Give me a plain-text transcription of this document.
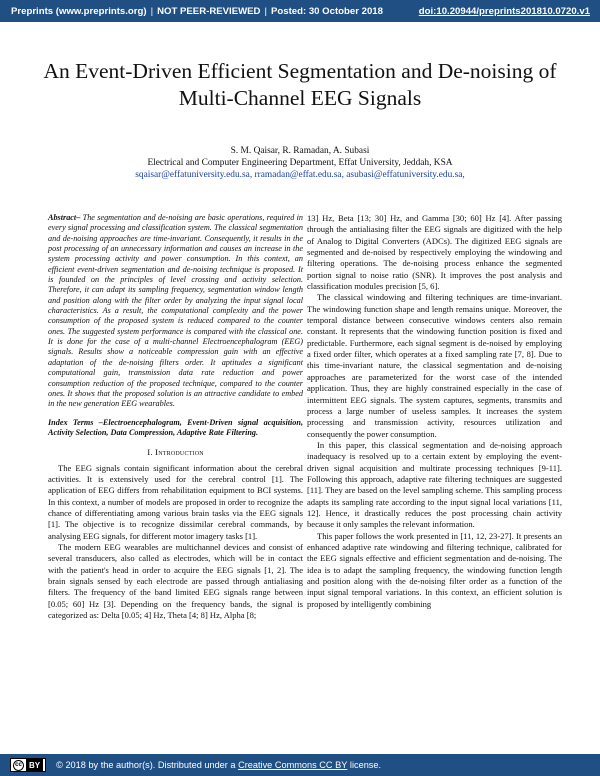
Preprints (www.preprints.org) | NOT PEER-REVIEWED | Posted: 30 October 2018	doi:10.20944/preprints201810.0720.v1
An Event-Driven Efficient Segmentation and De-noising of Multi-Channel EEG Signals
S. M. Qaisar, R. Ramadan, A. Subasi
Electrical and Computer Engineering Department, Effat University, Jeddah, KSA
sqaisar@effatuniversity.edu.sa, rramadan@effat.edu.sa, asubasi@effatuniversity.edu.sa,

Abstract– The segmentation and de-noising are basic operations, required in every signal processing and classification system. The classical segmentation and de-noising approaches are time-invariant. Consequently, it results in the post processing of an unnecessary information and causes an increase in the system processing activity and power consumption. In this context, an efficient event-driven segmentation and de-noising technique is proposed. It is founded on the principles of level crossing and activity selection. Therefore, it can adapt its sampling frequency, segmentation window length and position along with the filter order by analyzing the input signal local characteristics. As a result, the computational complexity and the power consumption of the proposed system is reduced compared to the counter ones. The suggested system performance is compared with the classical one. It is done for the case of a multi-channel Electroencephalogram (EEG) signals. Results show a noticeable compression gain with an effective adaptation of the de-noising filters order. It aptitudes a significant computational gain, transmission data rate reduction and power consumption reduction of the proposed technique, compared to the counter ones. It shows that the proposed solution is an attractive candidate to embed in the new generation EEG wearables.

Index Terms –Electroencephalogram, Event-Driven signal acquisition, Activity Selection, Data Compression, Adaptive Rate Filtering.

I. Introduction

The EEG signals contain significant information about the cerebral activities. It is extensively used for the cerebral control [1]. The application of EEG differs from rehabilitation equipment to BCI systems. In this context, a number of models are proposed in order to recognize the chance of differentiating among various brain tasks via the EEG signals [1]. The objective is to recognize dissimilar cerebral commands, by analysing EEG signals, for different motor imagery tasks [1].

The modern EEG wearables are multichannel devices and consist of several transducers, also called as electrodes, which will be in contact with the patient's head in order to acquire the EEG signals [1, 2]. The brain signals sensed by each electrode are passed through antialiasing filters. The frequency of the band limited EEG signals range between [0.05; 60] Hz [3]. Depending on the frequency bands, the signal is categorized as: Delta [0.05; 4] Hz, Theta [4; 8] Hz, Alpha [8;

13] Hz, Beta [13; 30] Hz, and Gamma [30; 60] Hz [4]. After passing through the antialiasing filter the EEG signals are digitized with the help of Analog to Digital Converters (ADCs). The digitized EEG signals are segmented and de-noised by respectively employing the windowing and filtering operations. The de-noising process enhance the segmented portion signal to noise ratio (SNR). It improves the post analysis and classification modules precision [5, 6].

The classical windowing and filtering techniques are time-invariant. The windowing function shape and length remains unique. Moreover, the temporal distance between consecutive windows centers also remain constant. It represents that the windowing function position is fixed and predictable. Furthermore, each signal segment is de-noised by employing a fixed order filter, which operates at a fixed sampling rate [7, 8]. Due to this time-invariant nature, the classical segmentation and de-noising approaches are parameterized for the worst case of the intended application. Thus, they are highly constrained especially in the case of intermittent EEG signals. The system captures, segments, transmits and process a large number of useless samples. It increases the system processing and transmission activity, resources utilization and consequently the power consumption.

In this paper, this classical segmentation and de-noising approach inadequacy is resolved up to a certain extent by employing the event-driven signal acquisition and multirate processing techniques [9-11]. Following this approach, adaptive rate filtering techniques are suggested [11]. They are based on the level sampling scheme. This sampling process adapts its sampling rate according to the input signal local variations [11, 12]. Hence, it drastically reduces the post processing chain activity because it only samples the relevant information.

This paper follows the work presented in [11, 12, 23-27]. It presents an enhanced adaptive rate windowing and filtering technique, calibrated for the EEG signals effective and efficient segmentation and de-noising. The idea is to adapt the sampling frequency, the windowing function length and position along with the de-noising filter order as a function of the input signal temporal variations. In this context, an efficient solution is proposed by intelligently combining

cc BY	© 2018 by the author(s). Distributed under a
Creative Commons CC BY
license.
